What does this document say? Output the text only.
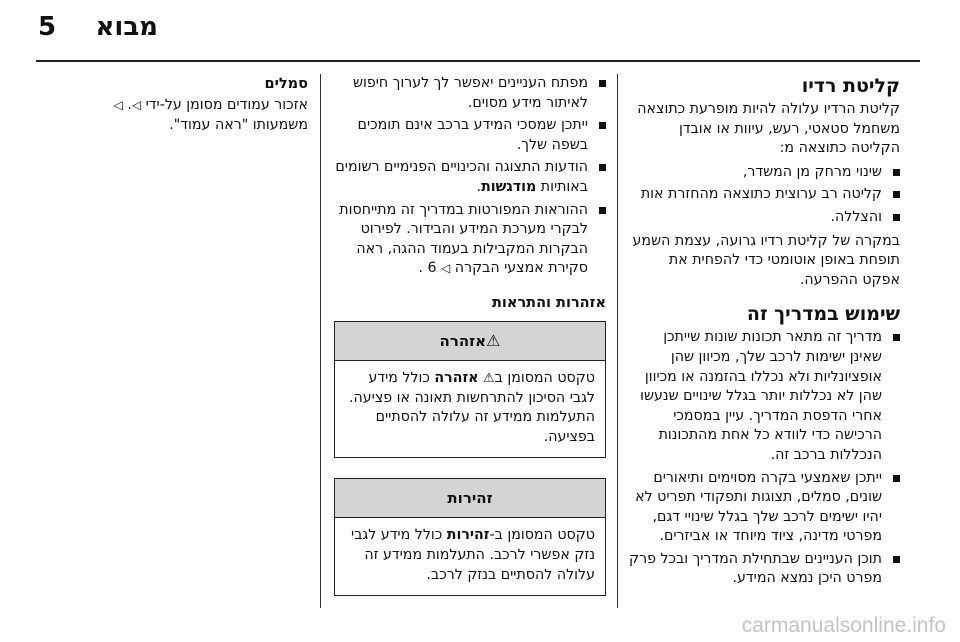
5 מבוא
קליטת רדיו

קליטת הרדיו עלולה להיות מופרעת כתוצאה משחמל סטאטי, רעש, עיוות או אובדן הקליטה כתוצאה מ:

שינוי מרחק מן המשדר,
קליטה רב ערוצית כתוצאה מהחזרת אות
והצללה.

במקרה של קליטת רדיו גרועה, עצמת השמע תופחת באופן אוטומטי כדי להפחית את אפקט ההפרעה.

שימוש במדריך זה
מדריך זה מתאר תכונות שונות שייתכן שאינן ישימות לרכב שלך, מכיוון שהן אופציונליות ולא נכללו בהזמנה או מכיוון שהן לא נכללות יותר בגלל שינויים שנעשו אחרי הדפסת המדריך. עיין במסמכי הרכישה כדי לוודא כל אחת מהתכונות הנכללות ברכב זה.
ייתכן שאמצעי בקרה מסוימים ותיאורים שונים, סמלים, תצוגות ותפקודי תפריט לא יהיו ישימים לרכב שלך בגלל שינויי דגם, מפרטי מדינה, ציוד מיוחד או אביזרים.
תוכן העניינים שבתחילת המדריך ובכל פרק מפרט היכן נמצא המידע.
מפתח העניינים יאפשר לך לערוך חיפוש לאיתור מידע מסוים.
ייתכן שמסכי המידע ברכב אינם תומכים בשפה שלך.
הודעות התצוגה והכינויים הפנימיים רשומים באותיות מודגשות.
ההוראות המפורטות במדריך זה מתייחסות לבקרי מערכת המידע והבידור. לפירוט הבקרות המקבילות בעמוד ההגה, ראה סקירת אמצעי הבקרה ◁ 6 .
אזהרות והתראות
⚠אזהרה
טקסט המסומן ב⚠ אזהרה כולל מידע לגבי הסיכון להתרחשות תאונה או פציעה. התעלמות ממידע זה עלולה להסתיים בפציעה.
זהירות
טקסט המסומן ב-זהירות כולל מידע לגבי נזק אפשרי לרכב. התעלמות ממידע זה עלולה להסתיים בנזק לרכב.
סמלים

אזכור עמודים מסומן על-ידי ◁. ◁

משמעותו "ראה עמוד".

carmanualsonline.info
